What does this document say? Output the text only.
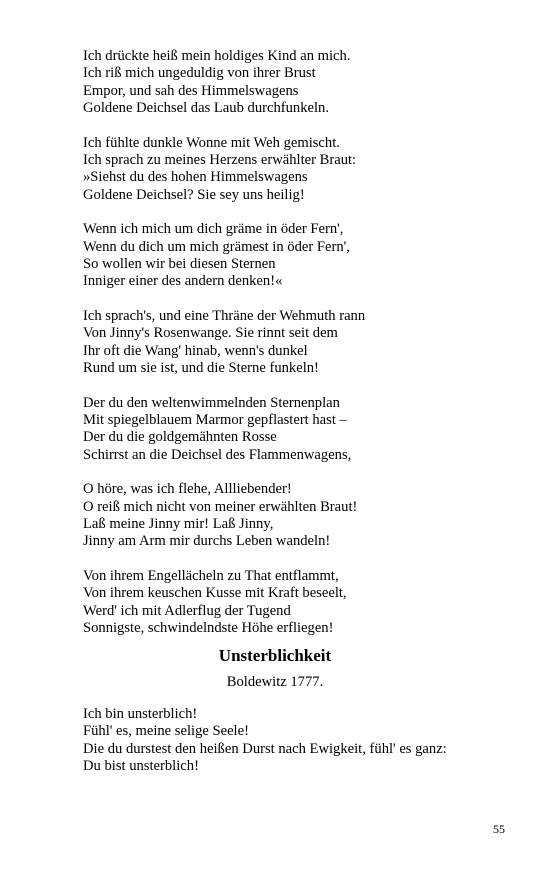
Ich drückte heiß mein holdiges Kind an mich.
Ich riß mich ungeduldig von ihrer Brust
Empor, und sah des Himmelswagens
Goldene Deichsel das Laub durchfunkeln.
Ich fühlte dunkle Wonne mit Weh gemischt.
Ich sprach zu meines Herzens erwählter Braut:
»Siehst du des hohen Himmelswagens
Goldene Deichsel? Sie sey uns heilig!
Wenn ich mich um dich gräme in öder Fern',
Wenn du dich um mich grämest in öder Fern',
So wollen wir bei diesen Sternen
Inniger einer des andern denken!«
Ich sprach's, und eine Thräne der Wehmuth rann
Von Jinny's Rosenwange. Sie rinnt seit dem
Ihr oft die Wang' hinab, wenn's dunkel
Rund um sie ist, und die Sterne funkeln!
Der du den weltenwimmelnden Sternenplan
Mit spiegelblauem Marmor gepflastert hast –
Der du die goldgemähnten Rosse
Schirrst an die Deichsel des Flammenwagens,
O höre, was ich flehe, Allliebender!
O reiß mich nicht von meiner erwählten Braut!
Laß meine Jinny mir! Laß Jinny,
Jinny am Arm mir durchs Leben wandeln!
Von ihrem Engellächeln zu That entflammt,
Von ihrem keuschen Kusse mit Kraft beseelt,
Werd' ich mit Adlerflug der Tugend
Sonnigste, schwindelndste Höhe erfliegen!
Unsterblichkeit
Boldewitz 1777.
Ich bin unsterblich!
Fühl' es, meine selige Seele!
Die du durstest den heißen Durst nach Ewigkeit, fühl' es ganz:
Du bist unsterblich!
55
